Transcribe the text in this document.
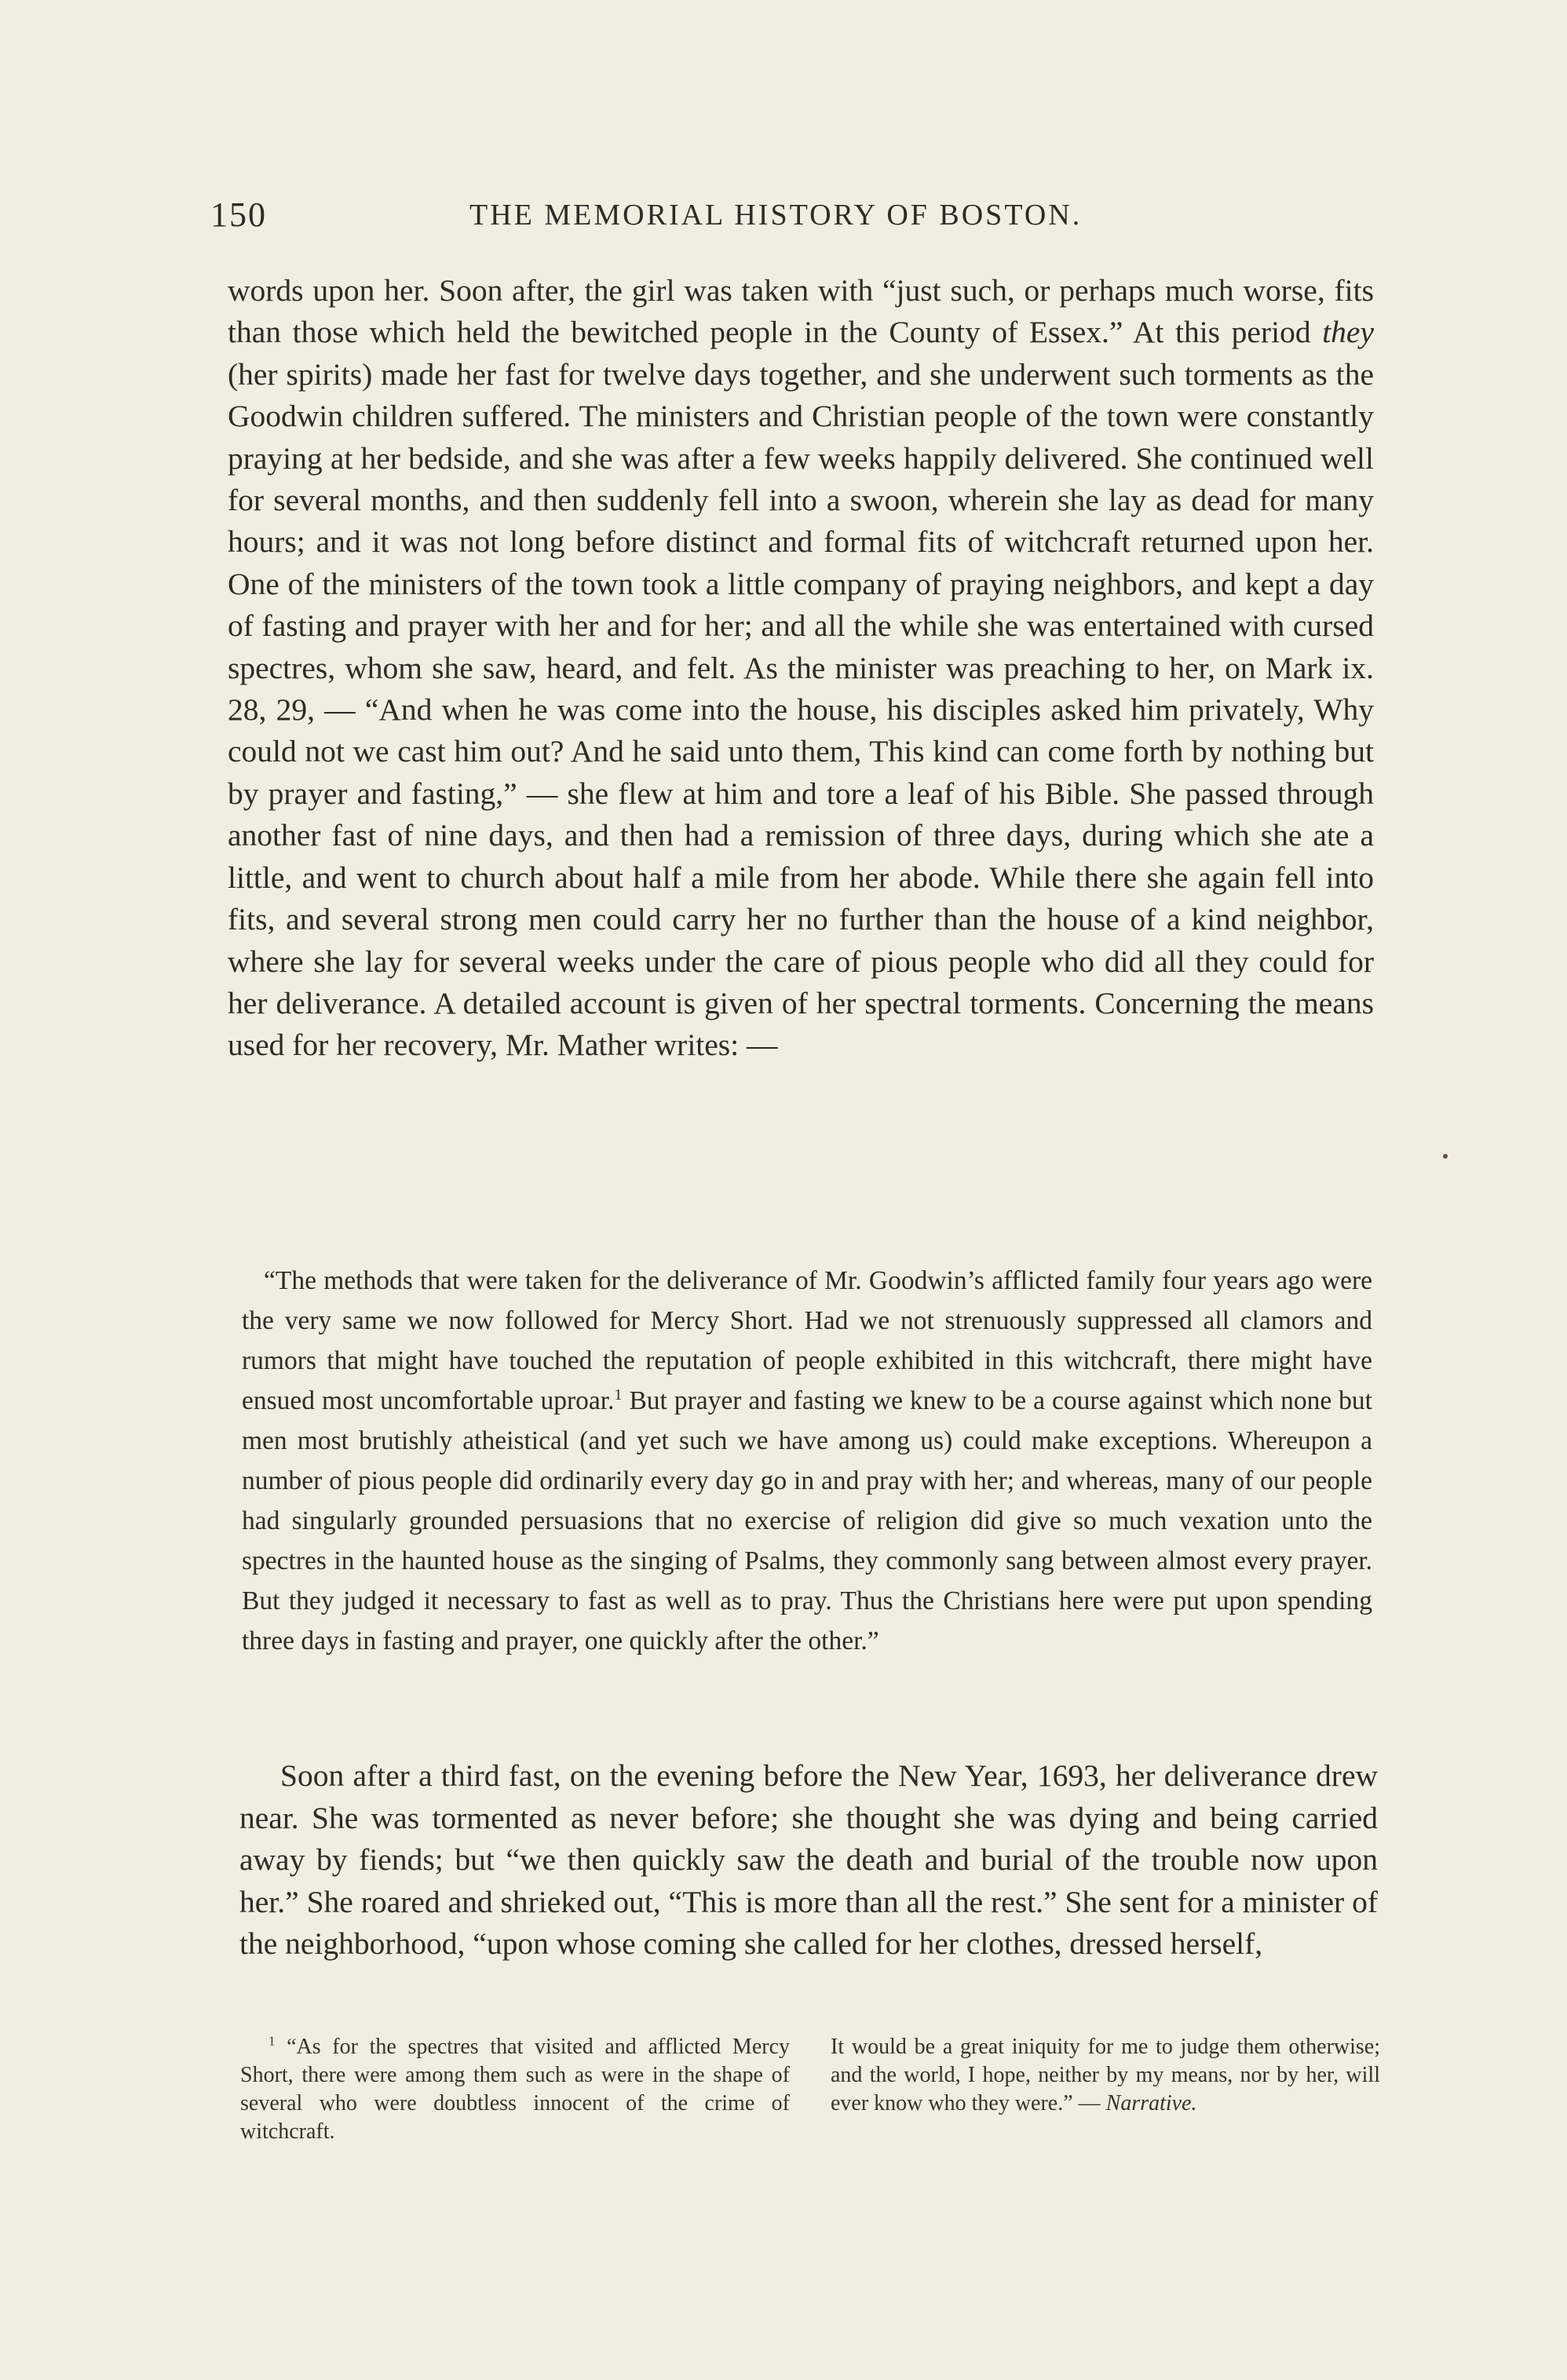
150	THE MEMORIAL HISTORY OF BOSTON.

words upon her. Soon after, the girl was taken with “just such, or perhaps much worse, fits than those which held the bewitched people in the County of Essex.” At this period they (her spirits) made her fast for twelve days together, and she underwent such torments as the Goodwin children suffered. The ministers and Christian people of the town were constantly praying at her bedside, and she was after a few weeks happily delivered. She continued well for several months, and then suddenly fell into a swoon, wherein she lay as dead for many hours; and it was not long before distinct and formal fits of witchcraft returned upon her. One of the ministers of the town took a little company of praying neighbors, and kept a day of fasting and prayer with her and for her; and all the while she was entertained with cursed spectres, whom she saw, heard, and felt. As the minister was preaching to her, on Mark ix. 28, 29, — “And when he was come into the house, his disciples asked him privately, Why could not we cast him out? And he said unto them, This kind can come forth by nothing but by prayer and fasting,” — she flew at him and tore a leaf of his Bible. She passed through another fast of nine days, and then had a remission of three days, during which she ate a little, and went to church about half a mile from her abode. While there she again fell into fits, and several strong men could carry her no further than the house of a kind neighbor, where she lay for several weeks under the care of pious people who did all they could for her deliverance. A detailed account is given of her spectral torments. Concerning the means used for her recovery, Mr. Mather writes: —

“The methods that were taken for the deliverance of Mr. Goodwin’s afflicted family four years ago were the very same we now followed for Mercy Short. Had we not strenuously suppressed all clamors and rumors that might have touched the reputation of people exhibited in this witchcraft, there might have ensued most uncomfortable uproar.$^1$ But prayer and fasting we knew to be a course against which none but men most brutishly atheistical (and yet such we have among us) could make exceptions. Whereupon a number of pious people did ordinarily every day go in and pray with her; and whereas, many of our people had singularly grounded persuasions that no exercise of religion did give so much vexation unto the spectres in the haunted house as the singing of Psalms, they commonly sang between almost every prayer. But they judged it necessary to fast as well as to pray. Thus the Christians here were put upon spending three days in fasting and prayer, one quickly after the other.”

Soon after a third fast, on the evening before the New Year, 1693, her deliverance drew near. She was tormented as never before; she thought she was dying and being carried away by fiends; but “we then quickly saw the death and burial of the trouble now upon her.” She roared and shrieked out, “This is more than all the rest.” She sent for a minister of the neighborhood, “upon whose coming she called for her clothes, dressed herself,

$^1$ “As for the spectres that visited and afflicted Mercy Short, there were among them such as were in the shape of several who were doubtless innocent of the crime of witchcraft.
It would be a great iniquity for me to judge them otherwise; and the world, I hope, neither by my means, nor by her, will ever know who they were.” — Narrative.
